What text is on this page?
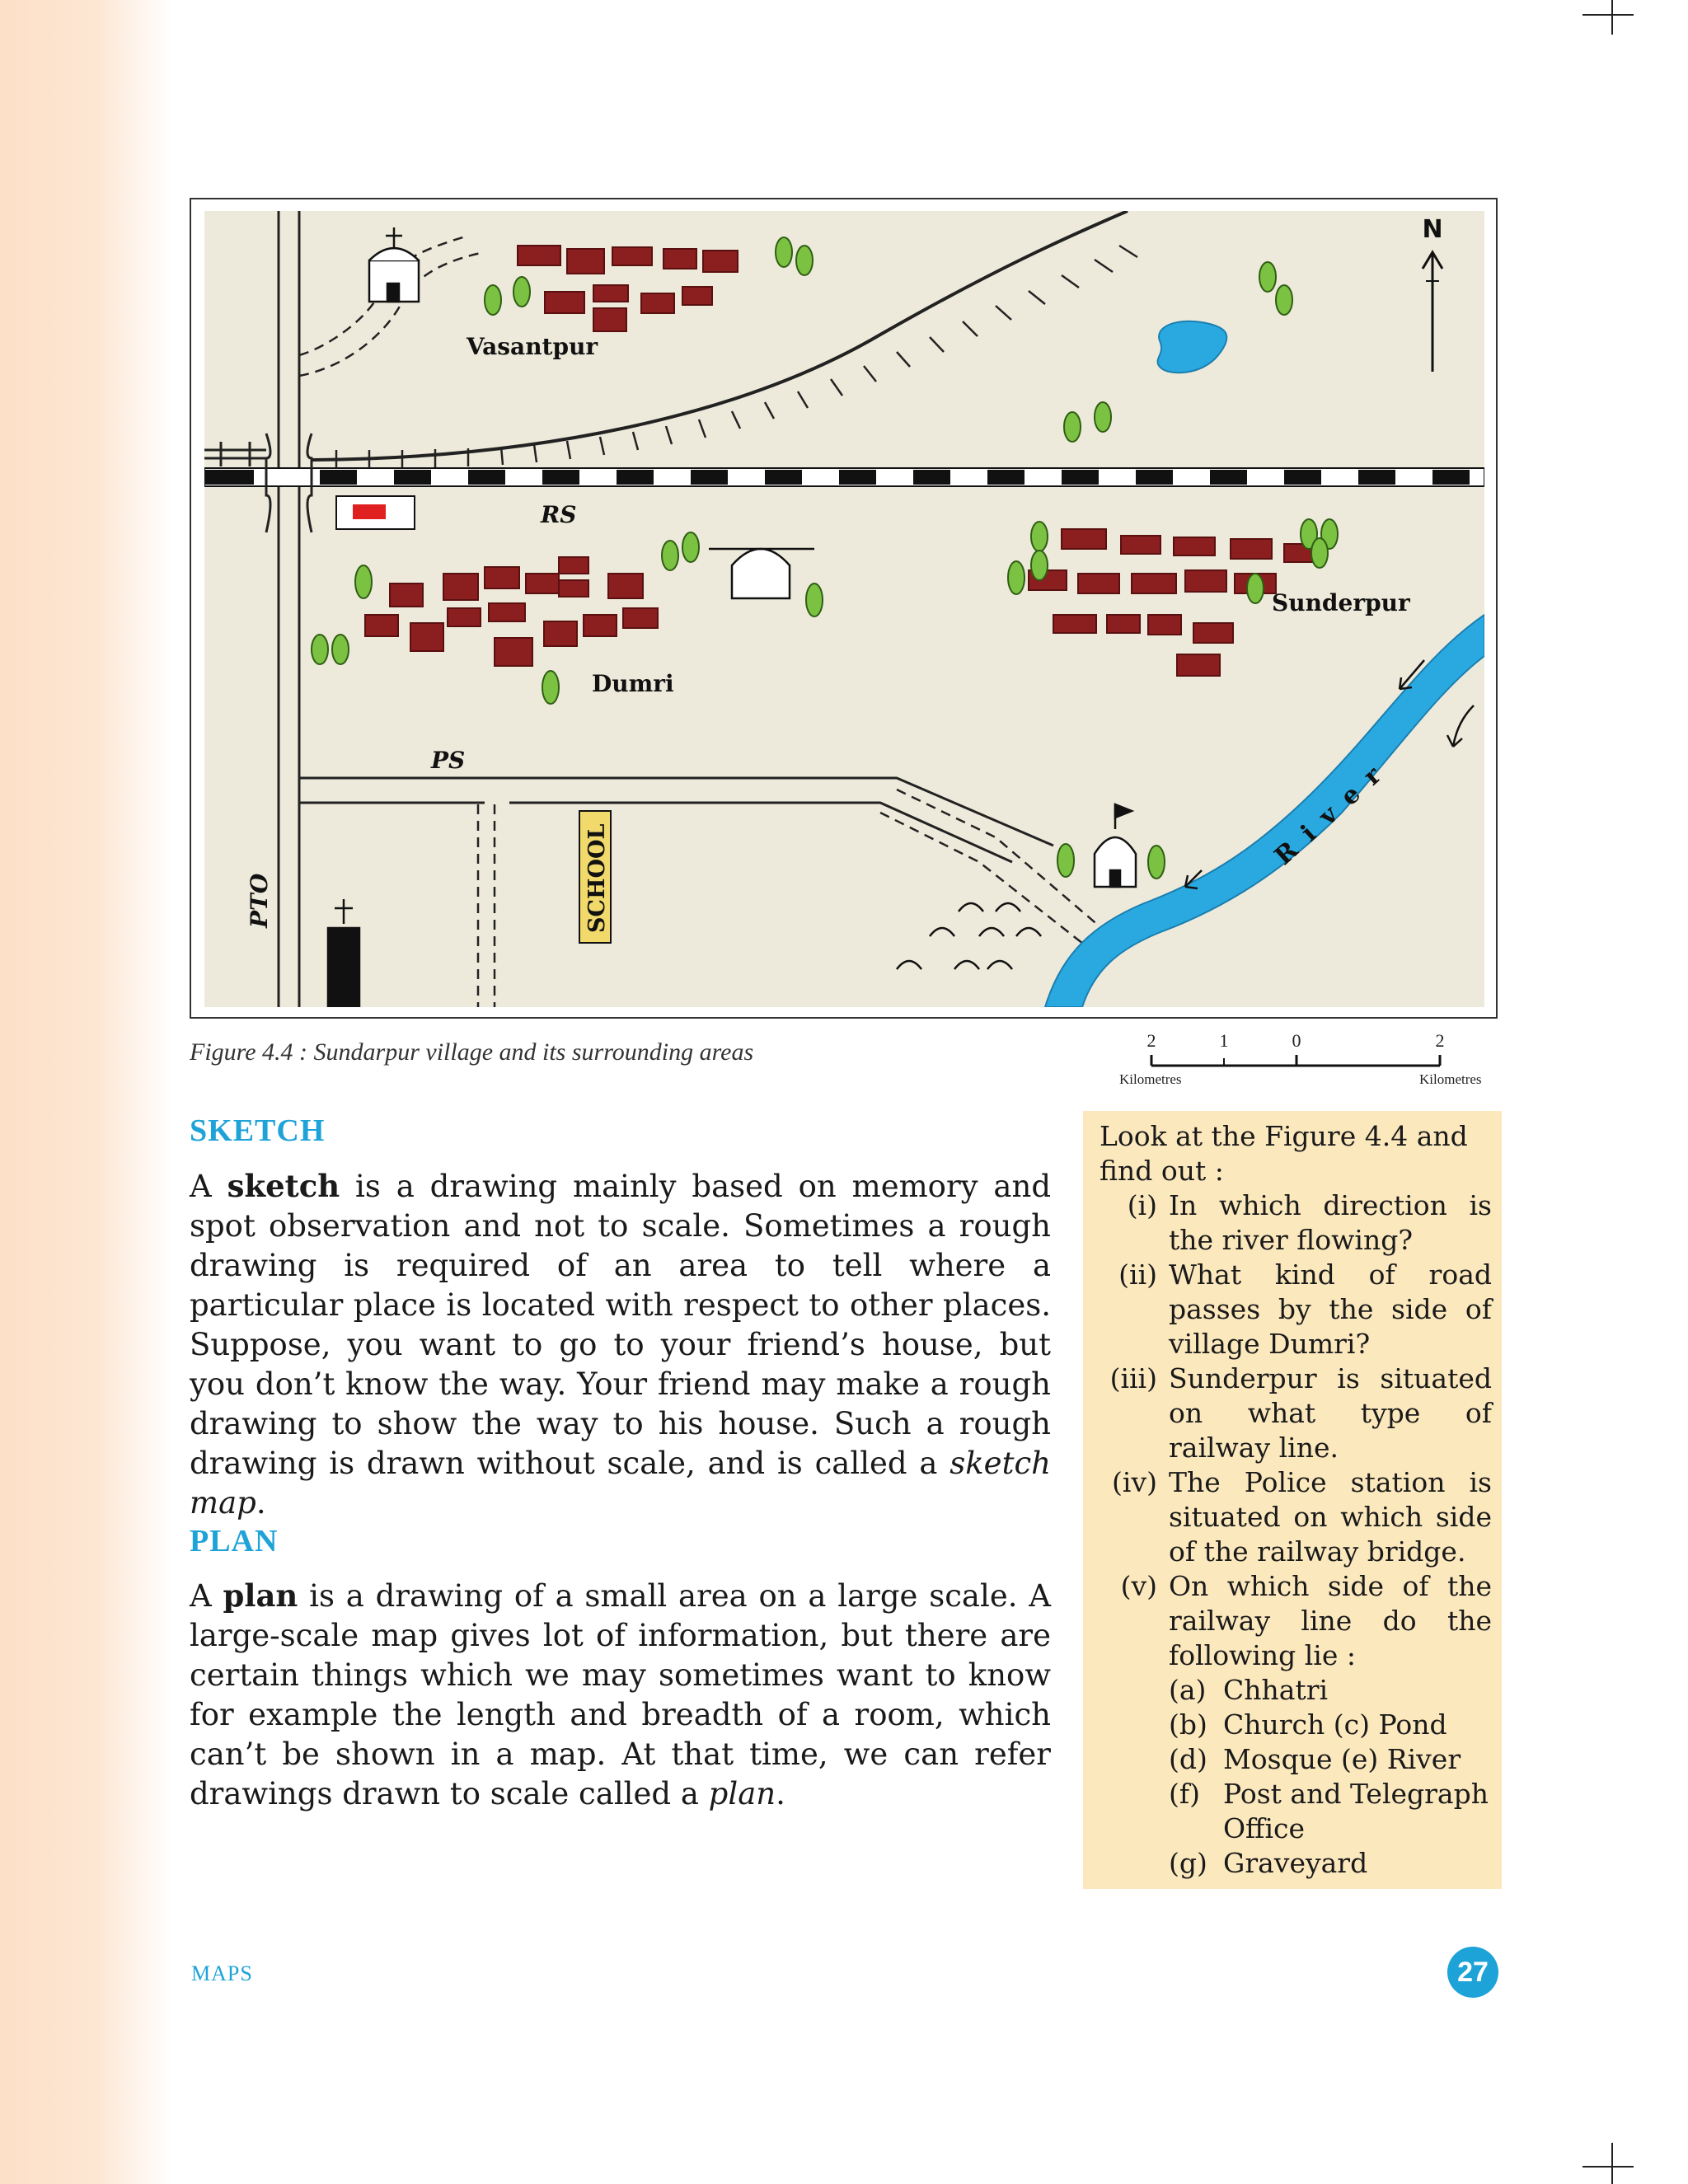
River
N
SCHOOL
Vasantpur
RS
Sunderpur
Dumri
PS
PTO
Figure 4.4 : Sundarpur village and its surrounding areas	2	1	0	2
Kilometres	Kilometres
SKETCH
A sketch is a drawing mainly based on memory and spot observation and not to scale. Sometimes a rough drawing is required of an area to tell where a particular place is located with respect to other places. Suppose, you want to go to your friend’s house, but you don’t know the way. Your friend may make a rough drawing to show the way to his house. Such a rough drawing is drawn without scale, and is called a sketch map.
PLAN
A plan is a drawing of a small area on a large scale. A large-scale map gives lot of information, but there are certain things which we may sometimes want to know for example the length and breadth of a room, which can’t be shown in a map. At that time, we can refer drawings drawn to scale called a plan.
Look at the Figure 4.4 and find out :
(i) In which direction is the river flowing?
(ii) What kind of road passes by the side of village Dumri?
(iii) Sunderpur is situated on what type of railway line.
(iv) The Police station is situated on which side of the railway bridge.
(v) On which side of the railway line do the following lie :
(a) Chhatri
(b) Church (c) Pond
(d) Mosque (e) River
(f) Post and Telegraph Office
(g) Graveyard
MAPS	27
